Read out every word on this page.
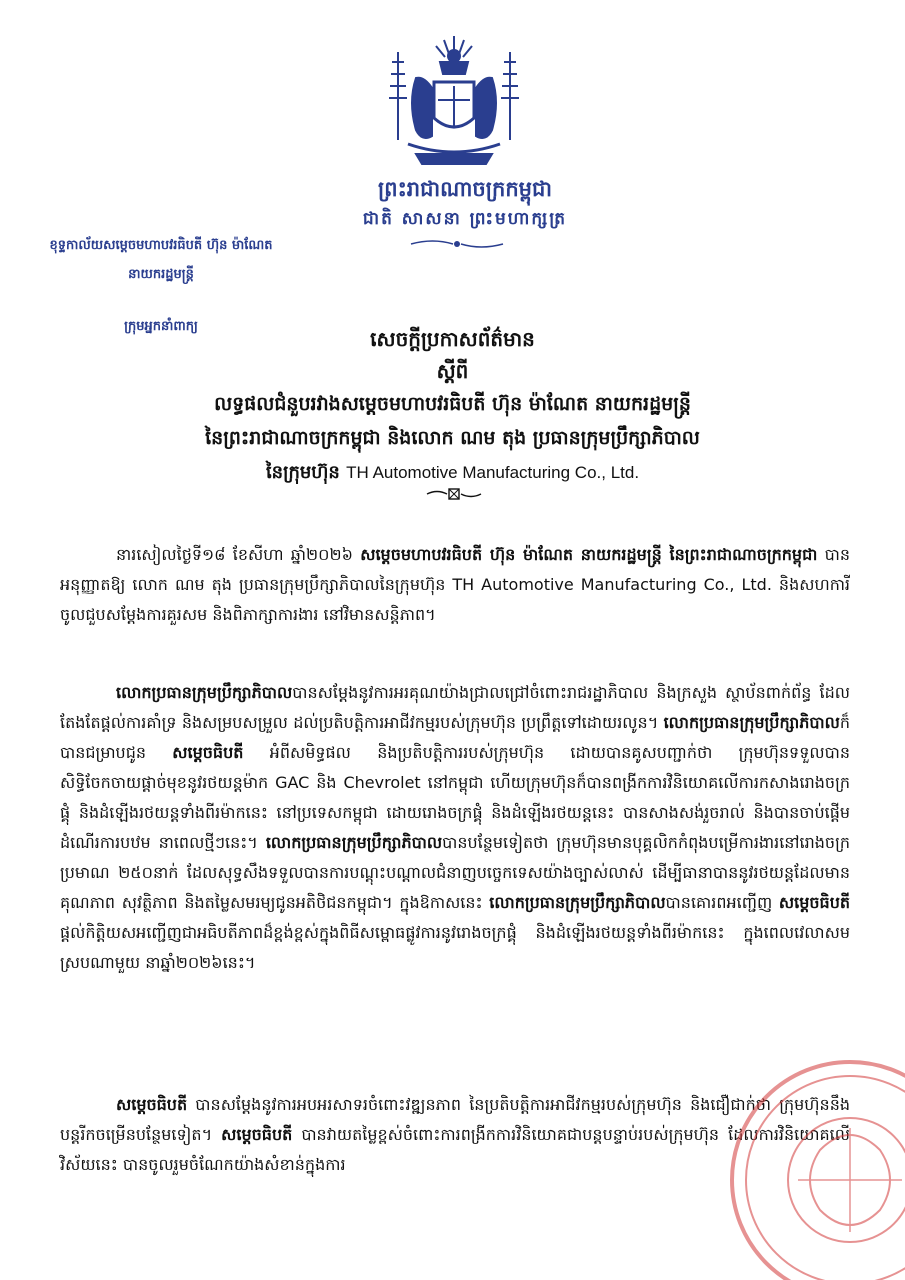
ព្រះរាជាណាចក្រកម្ពុជា
ជាតិ សាសនា ព្រះមហាក្សត្រ
ខុទ្ទកាល័យសម្តេចមហាបវរធិបតី ហ៊ុន ម៉ាណែត
នាយករដ្ឋមន្ត្រី
ក្រុមអ្នកនាំពាក្យ
សេចក្តីប្រកាសព័ត៌មាន
ស្តីពី
លទ្ធផលជំនួបរវាងសម្តេចមហាបវរធិបតី ហ៊ុន ម៉ាណែត នាយករដ្ឋមន្ត្រី
នៃព្រះរាជាណាចក្រកម្ពុជា និងលោក ណម តុង ប្រធានក្រុមប្រឹក្សាភិបាល
នៃក្រុមហ៊ុន TH Automotive Manufacturing Co., Ltd.

នារសៀលថ្ងៃទី១៨ ខែសីហា ឆ្នាំ២០២៦ សម្តេចមហាបវរធិបតី ហ៊ុន ម៉ាណែត នាយករដ្ឋមន្ត្រី នៃព្រះរាជាណាចក្រកម្ពុជា បានអនុញ្ញាតឱ្យ លោក ណម តុង ប្រធានក្រុមប្រឹក្សាភិបាលនៃក្រុមហ៊ុន TH Automotive Manufacturing Co., Ltd. និងសហការី ចូលជួបសម្តែងការគួរសម និងពិភាក្សាការងារ នៅវិមានសន្តិភាព។

លោកប្រធានក្រុមប្រឹក្សាភិបាលបានសម្តែងនូវការអរគុណយ៉ាងជ្រាលជ្រៅចំពោះរាជរដ្ឋាភិបាល និងក្រសួង ស្ថាប័នពាក់ព័ន្ធ ដែលតែងតែផ្តល់ការគាំទ្រ និងសម្របសម្រួល ដល់ប្រតិបត្តិការអាជីវកម្មរបស់ក្រុមហ៊ុន ប្រព្រឹត្តទៅដោយរលូន។ លោកប្រធានក្រុមប្រឹក្សាភិបាលក៏បានជម្រាបជូន សម្តេចធិបតី អំពីសមិទ្ធផល និងប្រតិបត្តិការរបស់ក្រុមហ៊ុន ដោយបានគូសបញ្ជាក់ថា ក្រុមហ៊ុនទទួលបានសិទ្ធិចែកចាយផ្តាច់មុខនូវរថយន្តម៉ាក GAC និង Chevrolet នៅកម្ពុជា ហើយក្រុមហ៊ុនក៏បានពង្រីកការវិនិយោគលើការកសាងរោងចក្រផ្គុំ និងដំឡើងរថយន្តទាំងពីរម៉ាកនេះ នៅប្រទេសកម្ពុជា ដោយរោងចក្រផ្គុំ និងដំឡើងរថយន្តនេះ បានសាងសង់រួចរាល់ និងបានចាប់ផ្តើមដំណើរការបឋម នាពេលថ្មីៗនេះ។ លោកប្រធានក្រុមប្រឹក្សាភិបាលបានបន្ថែមទៀតថា ក្រុមហ៊ុនមានបុគ្គលិកកំពុងបម្រើការងារនៅរោងចក្រប្រមាណ ២៥០នាក់ ដែលសុទ្ធសឹងទទួលបានការបណ្តុះបណ្តាលជំនាញបច្ចេកទេសយ៉ាងច្បាស់លាស់ ដើម្បីធានាបាននូវរថយន្តដែលមានគុណភាព សុវត្ថិភាព និងតម្លៃសមរម្យជូនអតិថិជនកម្ពុជា។ ក្នុងឱកាសនេះ លោកប្រធានក្រុមប្រឹក្សាភិបាលបានគោរពអញ្ជើញ សម្តេចធិបតី ផ្តល់កិត្តិយសអញ្ជើញជាអធិបតីភាពដ៏ខ្ពង់ខ្ពស់ក្នុងពិធីសម្ពោធផ្លូវការនូវរោងចក្រផ្គុំ និងដំឡើងរថយន្តទាំងពីរម៉ាកនេះ ក្នុងពេលវេលាសមស្របណាមួយ នាឆ្នាំ២០២៦នេះ។

សម្តេចធិបតី បានសម្តែងនូវការអបអរសាទរចំពោះវឌ្ឍនភាព នៃប្រតិបត្តិការអាជីវកម្មរបស់ក្រុមហ៊ុន និងជឿជាក់ថា ក្រុមហ៊ុននឹងបន្តរីកចម្រើនបន្ថែមទៀត។ សម្តេចធិបតី បានវាយតម្លៃខ្ពស់ចំពោះការពង្រីកការវិនិយោគជាបន្តបន្ទាប់របស់ក្រុមហ៊ុន ដែលការវិនិយោគលើវិស័យនេះ បានចូលរួមចំណែកយ៉ាងសំខាន់ក្នុងការ
